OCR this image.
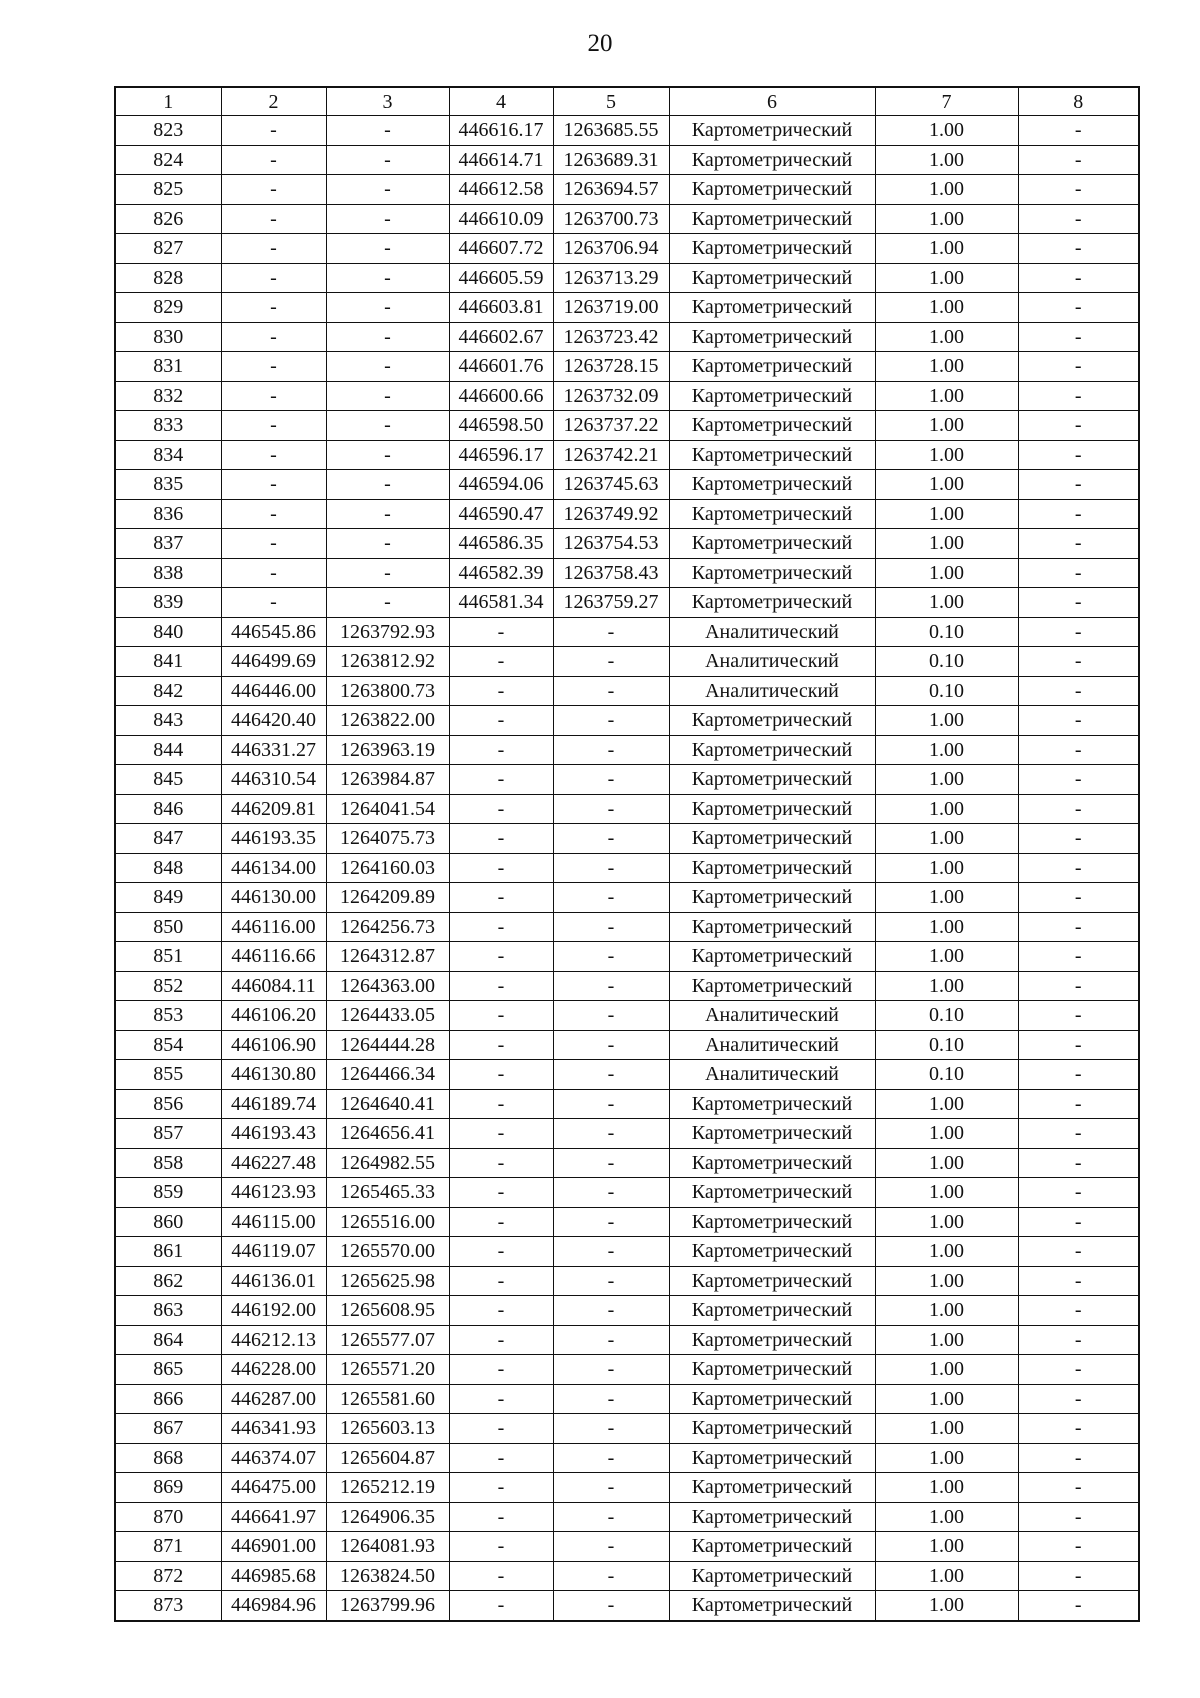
20
1	2	3	4	5	6	7	8
823	-	-	446616.17	1263685.55	Картометрический	1.00	-
824	-	-	446614.71	1263689.31	Картометрический	1.00	-
825	-	-	446612.58	1263694.57	Картометрический	1.00	-
826	-	-	446610.09	1263700.73	Картометрический	1.00	-
827	-	-	446607.72	1263706.94	Картометрический	1.00	-
828	-	-	446605.59	1263713.29	Картометрический	1.00	-
829	-	-	446603.81	1263719.00	Картометрический	1.00	-
830	-	-	446602.67	1263723.42	Картометрический	1.00	-
831	-	-	446601.76	1263728.15	Картометрический	1.00	-
832	-	-	446600.66	1263732.09	Картометрический	1.00	-
833	-	-	446598.50	1263737.22	Картометрический	1.00	-
834	-	-	446596.17	1263742.21	Картометрический	1.00	-
835	-	-	446594.06	1263745.63	Картометрический	1.00	-
836	-	-	446590.47	1263749.92	Картометрический	1.00	-
837	-	-	446586.35	1263754.53	Картометрический	1.00	-
838	-	-	446582.39	1263758.43	Картометрический	1.00	-
839	-	-	446581.34	1263759.27	Картометрический	1.00	-
840	446545.86	1263792.93	-	-	Аналитический	0.10	-
841	446499.69	1263812.92	-	-	Аналитический	0.10	-
842	446446.00	1263800.73	-	-	Аналитический	0.10	-
843	446420.40	1263822.00	-	-	Картометрический	1.00	-
844	446331.27	1263963.19	-	-	Картометрический	1.00	-
845	446310.54	1263984.87	-	-	Картометрический	1.00	-
846	446209.81	1264041.54	-	-	Картометрический	1.00	-
847	446193.35	1264075.73	-	-	Картометрический	1.00	-
848	446134.00	1264160.03	-	-	Картометрический	1.00	-
849	446130.00	1264209.89	-	-	Картометрический	1.00	-
850	446116.00	1264256.73	-	-	Картометрический	1.00	-
851	446116.66	1264312.87	-	-	Картометрический	1.00	-
852	446084.11	1264363.00	-	-	Картометрический	1.00	-
853	446106.20	1264433.05	-	-	Аналитический	0.10	-
854	446106.90	1264444.28	-	-	Аналитический	0.10	-
855	446130.80	1264466.34	-	-	Аналитический	0.10	-
856	446189.74	1264640.41	-	-	Картометрический	1.00	-
857	446193.43	1264656.41	-	-	Картометрический	1.00	-
858	446227.48	1264982.55	-	-	Картометрический	1.00	-
859	446123.93	1265465.33	-	-	Картометрический	1.00	-
860	446115.00	1265516.00	-	-	Картометрический	1.00	-
861	446119.07	1265570.00	-	-	Картометрический	1.00	-
862	446136.01	1265625.98	-	-	Картометрический	1.00	-
863	446192.00	1265608.95	-	-	Картометрический	1.00	-
864	446212.13	1265577.07	-	-	Картометрический	1.00	-
865	446228.00	1265571.20	-	-	Картометрический	1.00	-
866	446287.00	1265581.60	-	-	Картометрический	1.00	-
867	446341.93	1265603.13	-	-	Картометрический	1.00	-
868	446374.07	1265604.87	-	-	Картометрический	1.00	-
869	446475.00	1265212.19	-	-	Картометрический	1.00	-
870	446641.97	1264906.35	-	-	Картометрический	1.00	-
871	446901.00	1264081.93	-	-	Картометрический	1.00	-
872	446985.68	1263824.50	-	-	Картометрический	1.00	-
873	446984.96	1263799.96	-	-	Картометрический	1.00	-
